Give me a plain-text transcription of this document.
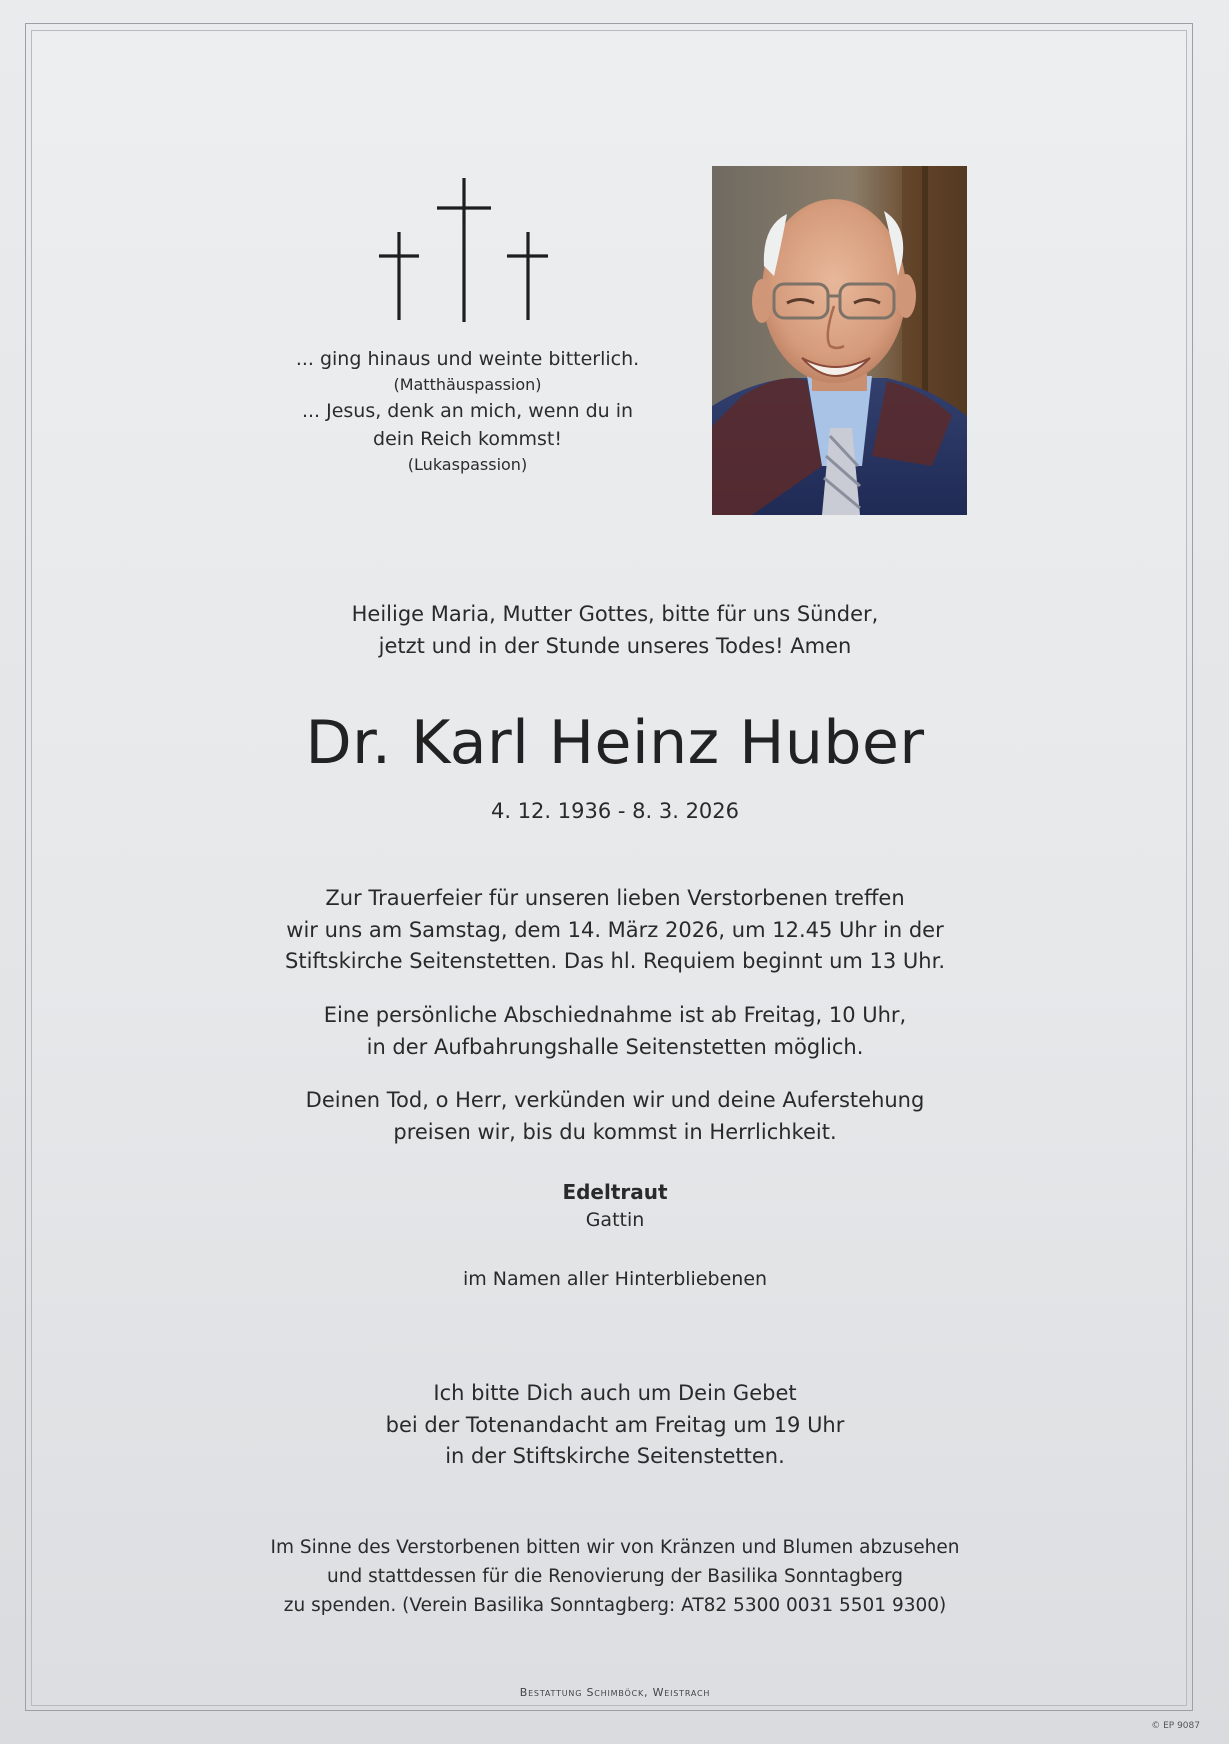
... ging hinaus und weinte bitterlich.
(Matthäuspassion)
... Jesus, denk an mich, wenn du in
dein Reich kommst!
(Lukaspassion)
Heilige Maria, Mutter Gottes, bitte für uns Sünder,
jetzt und in der Stunde unseres Todes! Amen
Dr. Karl Heinz Huber
4. 12. 1936 - 8. 3. 2026
Zur Trauerfeier für unseren lieben Verstorbenen treffen
wir uns am Samstag, dem 14. März 2026, um 12.45 Uhr in der
Stiftskirche Seitenstetten. Das hl. Requiem beginnt um 13 Uhr.
Eine persönliche Abschiednahme ist ab Freitag, 10 Uhr,
in der Aufbahrungshalle Seitenstetten möglich.
Deinen Tod, o Herr, verkünden wir und deine Auferstehung
preisen wir, bis du kommst in Herrlichkeit.
Edeltraut
Gattin
im Namen aller Hinterbliebenen
Ich bitte Dich auch um Dein Gebet
bei der Totenandacht am Freitag um 19 Uhr
in der Stiftskirche Seitenstetten.
Im Sinne des Verstorbenen bitten wir von Kränzen und Blumen abzusehen
und stattdessen für die Renovierung der Basilika Sonntagberg
zu spenden. (Verein Basilika Sonntagberg: AT82 5300 0031 5501 9300)
Bestattung Schimböck, Weistrach
© EP 9087
